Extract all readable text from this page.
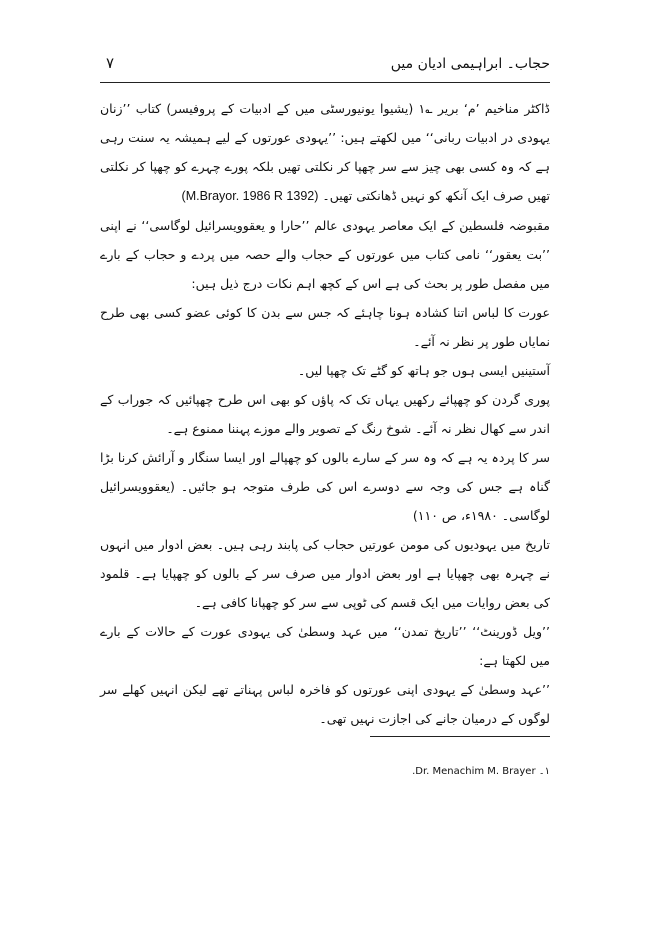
حجاب۔ ابراہیمی ادیان میں
۷

ڈاکٹر مناخیم ’م‘ بریر ؎۱ (یشیوا یونیورسٹی میں کے ادبیات کے پروفیسر) کتاب ’’زنان یہودی در ادبیات ربانی‘‘ میں لکھتے ہیں: ’’یہودی عورتوں کے لیے ہمیشہ یہ سنت رہی ہے کہ وہ کسی بھی چیز سے سر چھپا کر نکلتی تھیں بلکہ پورے چہرے کو چھپا کر نکلتی تھیں صرف ایک آنکھ کو نہیں ڈھانکتی تھیں۔ (M.Brayor. 1986 R 1392)

مقبوضہ فلسطین کے ایک معاصر یہودی عالم ’’حارا و یعقوویسرائیل لوگاسی‘‘ نے اپنی ’’بت یعقور‘‘ نامی کتاب میں عورتوں کے حجاب والے حصہ میں پردے و حجاب کے بارے میں مفصل طور پر بحث کی ہے اس کے کچھ اہم نکات درج ذیل ہیں:

عورت کا لباس اتنا کشادہ ہونا چاہئے کہ جس سے بدن کا کوئی عضو کسی بھی طرح نمایاں طور پر نظر نہ آئے۔

آستینیں ایسی ہوں جو ہاتھ کو گٹے تک چھپا لیں۔

پوری گردن کو چھپائے رکھیں یہاں تک کہ پاؤں کو بھی اس طرح چھپائیں کہ جوراب کے اندر سے کھال نظر نہ آئے۔ شوخ رنگ کے تصویر والے موزے پہننا ممنوع ہے۔

سر کا پردہ یہ ہے کہ وہ سر کے سارے بالوں کو چھپالے اور ایسا سنگار و آرائش کرنا بڑا گناہ ہے جس کی وجہ سے دوسرے اس کی طرف متوجہ ہو جائیں۔ (یعقوویسرائیل لوگاسی۔ ۱۹۸۰ء، ص ۱۱۰)

تاریخ میں یہودیوں کی مومن عورتیں حجاب کی پابند رہی ہیں۔ بعض ادوار میں انہوں نے چہرہ بھی چھپایا ہے اور بعض ادوار میں صرف سر کے بالوں کو چھپایا ہے۔ قلمود کی بعض روایات میں ایک قسم کی ٹوپی سے سر کو چھپانا کافی ہے۔

’’ویل ڈورینٹ‘‘ ’’تاریخ تمدن‘‘ میں عہد وسطیٰ کی یہودی عورت کے حالات کے بارے میں لکھتا ہے:

’’عہد وسطیٰ کے یہودی اپنی عورتوں کو فاخرہ لباس پہناتے تھے لیکن انہیں کھلے سر لوگوں کے درمیان جانے کی اجازت نہیں تھی۔

۱۔ Dr. Menachim M. Brayer.
